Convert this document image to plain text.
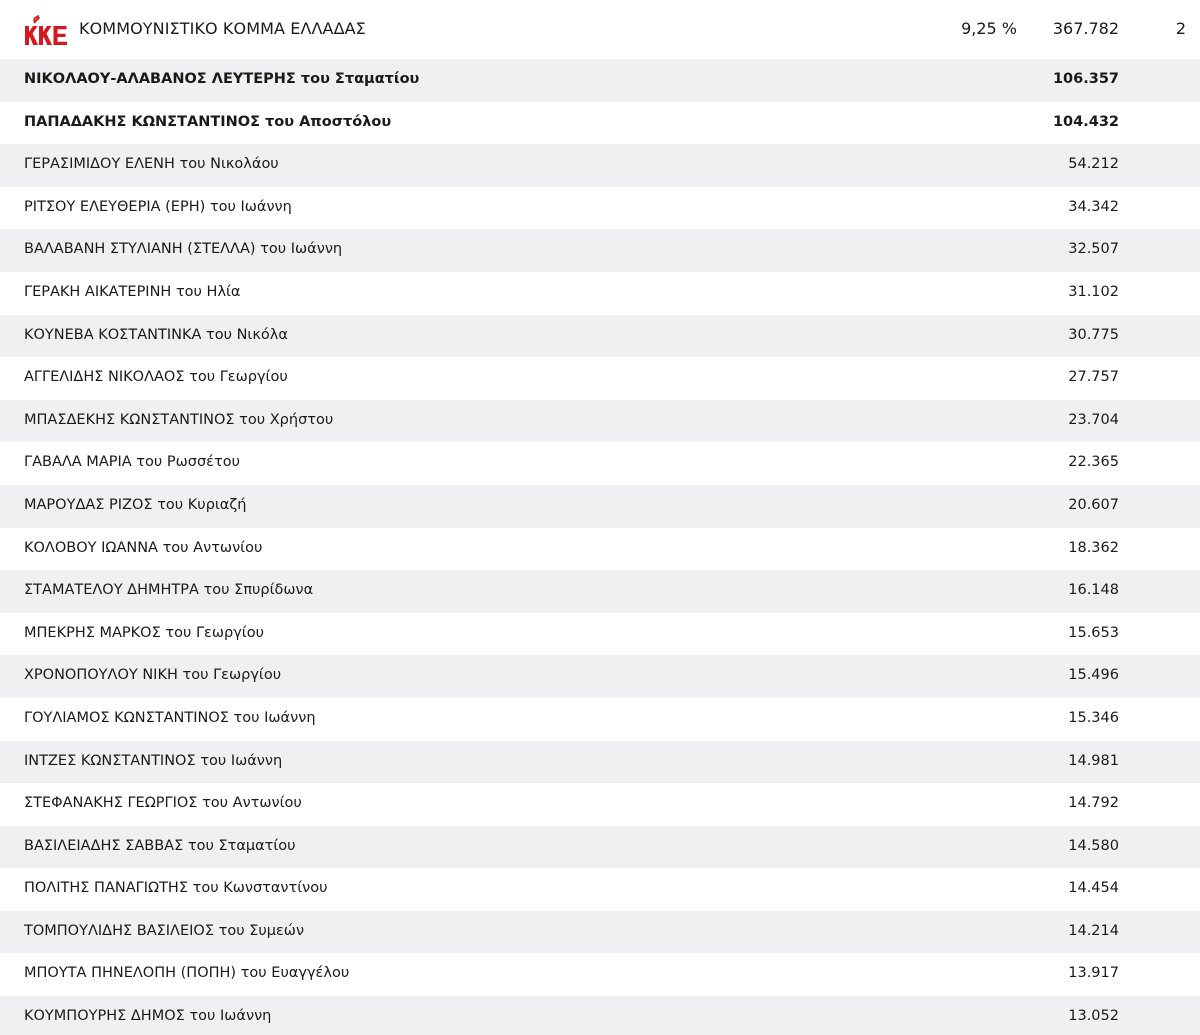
ΚΟΜΜΟΥΝΙΣΤΙΚΟ ΚΟΜΜΑ ΕΛΛΑΔΑΣ	9,25 % 367.782	2
ΝΙΚΟΛΑΟΥ-ΑΛΑΒΑΝΟΣ ΛΕΥΤΕΡΗΣ του Σταματίου	106.357
ΠΑΠΑΔΑΚΗΣ ΚΩΝΣΤΑΝΤΙΝΟΣ του Αποστόλου	104.432
ΓΕΡΑΣΙΜΙΔΟΥ ΕΛΕΝΗ του Νικολάου	54.212
ΡΙΤΣΟΥ ΕΛΕΥΘΕΡΙΑ (ΕΡΗ) του Ιωάννη	34.342
ΒΑΛΑΒΑΝΗ ΣΤΥΛΙΑΝΗ (ΣΤΕΛΛΑ) του Ιωάννη	32.507
ΓΕΡΑΚΗ ΑΙΚΑΤΕΡΙΝΗ του Ηλία	31.102
ΚΟΥΝΕΒΑ ΚΟΣΤΑΝΤΙΝΚΑ του Νικόλα	30.775
ΑΓΓΕΛΙΔΗΣ ΝΙΚΟΛΑΟΣ του Γεωργίου	27.757
ΜΠΑΣΔΕΚΗΣ ΚΩΝΣΤΑΝΤΙΝΟΣ του Χρήστου	23.704
ΓΑΒΑΛΑ ΜΑΡΙΑ του Ρωσσέτου	22.365
ΜΑΡΟΥΔΑΣ ΡΙΖΟΣ του Κυριαζή	20.607
ΚΟΛΟΒΟΥ ΙΩΑΝΝΑ του Αντωνίου	18.362
ΣΤΑΜΑΤΕΛΟΥ ΔΗΜΗΤΡΑ του Σπυρίδωνα	16.148
ΜΠΕΚΡΗΣ ΜΑΡΚΟΣ του Γεωργίου	15.653
ΧΡΟΝΟΠΟΥΛΟΥ ΝΙΚΗ του Γεωργίου	15.496
ΓΟΥΛΙΑΜΟΣ ΚΩΝΣΤΑΝΤΙΝΟΣ του Ιωάννη	15.346
ΙΝΤΖΕΣ ΚΩΝΣΤΑΝΤΙΝΟΣ του Ιωάννη	14.981
ΣΤΕΦΑΝΑΚΗΣ ΓΕΩΡΓΙΟΣ του Αντωνίου	14.792
ΒΑΣΙΛΕΙΑΔΗΣ ΣΑΒΒΑΣ του Σταματίου	14.580
ΠΟΛΙΤΗΣ ΠΑΝΑΓΙΩΤΗΣ του Κωνσταντίνου	14.454
ΤΟΜΠΟΥΛΙΔΗΣ ΒΑΣΙΛΕΙΟΣ του Συμεών	14.214
ΜΠΟΥΤΑ ΠΗΝΕΛΟΠΗ (ΠΟΠΗ) του Ευαγγέλου	13.917
ΚΟΥΜΠΟΥΡΗΣ ΔΗΜΟΣ του Ιωάννη	13.052
